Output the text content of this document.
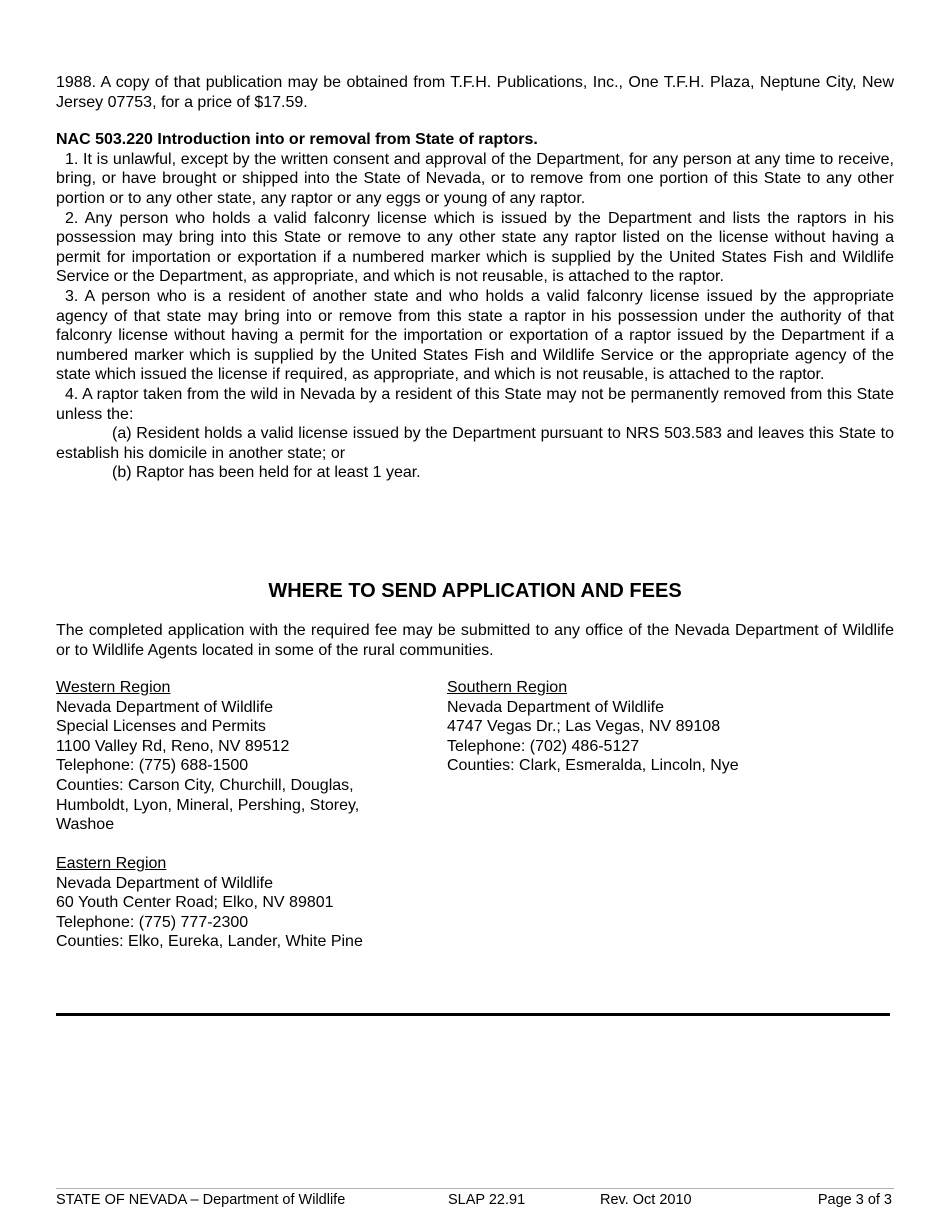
1988. A copy of that publication may be obtained from T.F.H. Publications, Inc., One T.F.H. Plaza, Neptune City, New Jersey 07753, for a price of $17.59.

NAC 503.220 Introduction into or removal from State of raptors.

1. It is unlawful, except by the written consent and approval of the Department, for any person at any time to receive, bring, or have brought or shipped into the State of Nevada, or to remove from one portion of this State to any other portion or to any other state, any raptor or any eggs or young of any raptor.

2. Any person who holds a valid falconry license which is issued by the Department and lists the raptors in his possession may bring into this State or remove to any other state any raptor listed on the license without having a permit for importation or exportation if a numbered marker which is supplied by the United States Fish and Wildlife Service or the Department, as appropriate, and which is not reusable, is attached to the raptor.

3. A person who is a resident of another state and who holds a valid falconry license issued by the appropriate agency of that state may bring into or remove from this state a raptor in his possession under the authority of that falconry license without having a permit for the importation or exportation of a raptor issued by the Department if a numbered marker which is supplied by the United States Fish and Wildlife Service or the appropriate agency of the state which issued the license if required, as appropriate, and which is not reusable, is attached to the raptor.

4. A raptor taken from the wild in Nevada by a resident of this State may not be permanently removed from this State unless the:

(a) Resident holds a valid license issued by the Department pursuant to NRS 503.583 and leaves this State to establish his domicile in another state; or

(b) Raptor has been held for at least 1 year.

WHERE TO SEND APPLICATION AND FEES
The completed application with the required fee may be submitted to any office of the Nevada Department of Wildlife or to Wildlife Agents located in some of the rural communities.
Western Region
Nevada Department of Wildlife
Special Licenses and Permits
1100 Valley Rd, Reno, NV 89512
Telephone: (775) 688-1500
Counties: Carson City, Churchill, Douglas, Humboldt, Lyon, Mineral, Pershing, Storey, Washoe
Southern Region
Nevada Department of Wildlife
4747 Vegas Dr.; Las Vegas, NV 89108
Telephone: (702) 486-5127
Counties: Clark, Esmeralda, Lincoln, Nye
Eastern Region
Nevada Department of Wildlife
60 Youth Center Road; Elko, NV 89801
Telephone: (775) 777-2300
Counties: Elko, Eureka, Lander, White Pine
STATE OF NEVADA – Department of Wildlife	SLAP 22.91	Rev. Oct 2010	Page 3 of 3
